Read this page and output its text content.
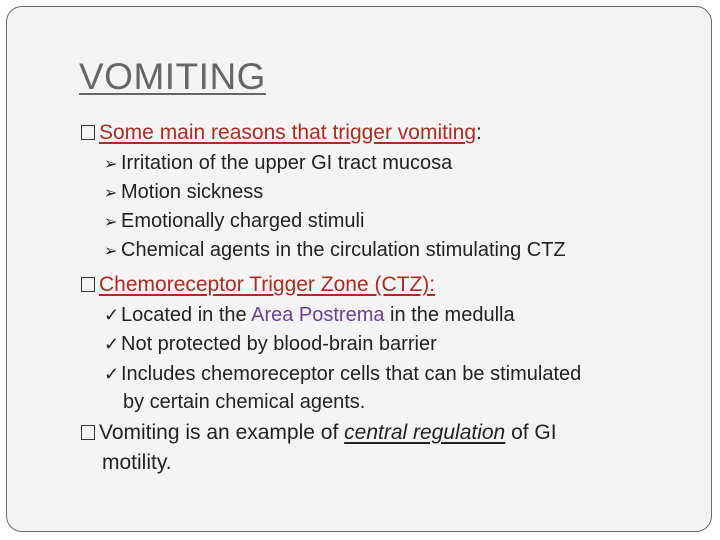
VOMITING
Some main reasons that trigger vomiting:
➢ Irritation of the upper GI tract mucosa
➢ Motion sickness
➢ Emotionally charged stimuli
➢ Chemical agents in the circulation stimulating CTZ
Chemoreceptor Trigger Zone (CTZ):
✓Located in the Area Postrema in the medulla
✓Not protected by blood-brain barrier
✓Includes chemoreceptor cells that can be stimulated
by certain chemical agents.
Vomiting is an example of central regulation of GI
motility.
